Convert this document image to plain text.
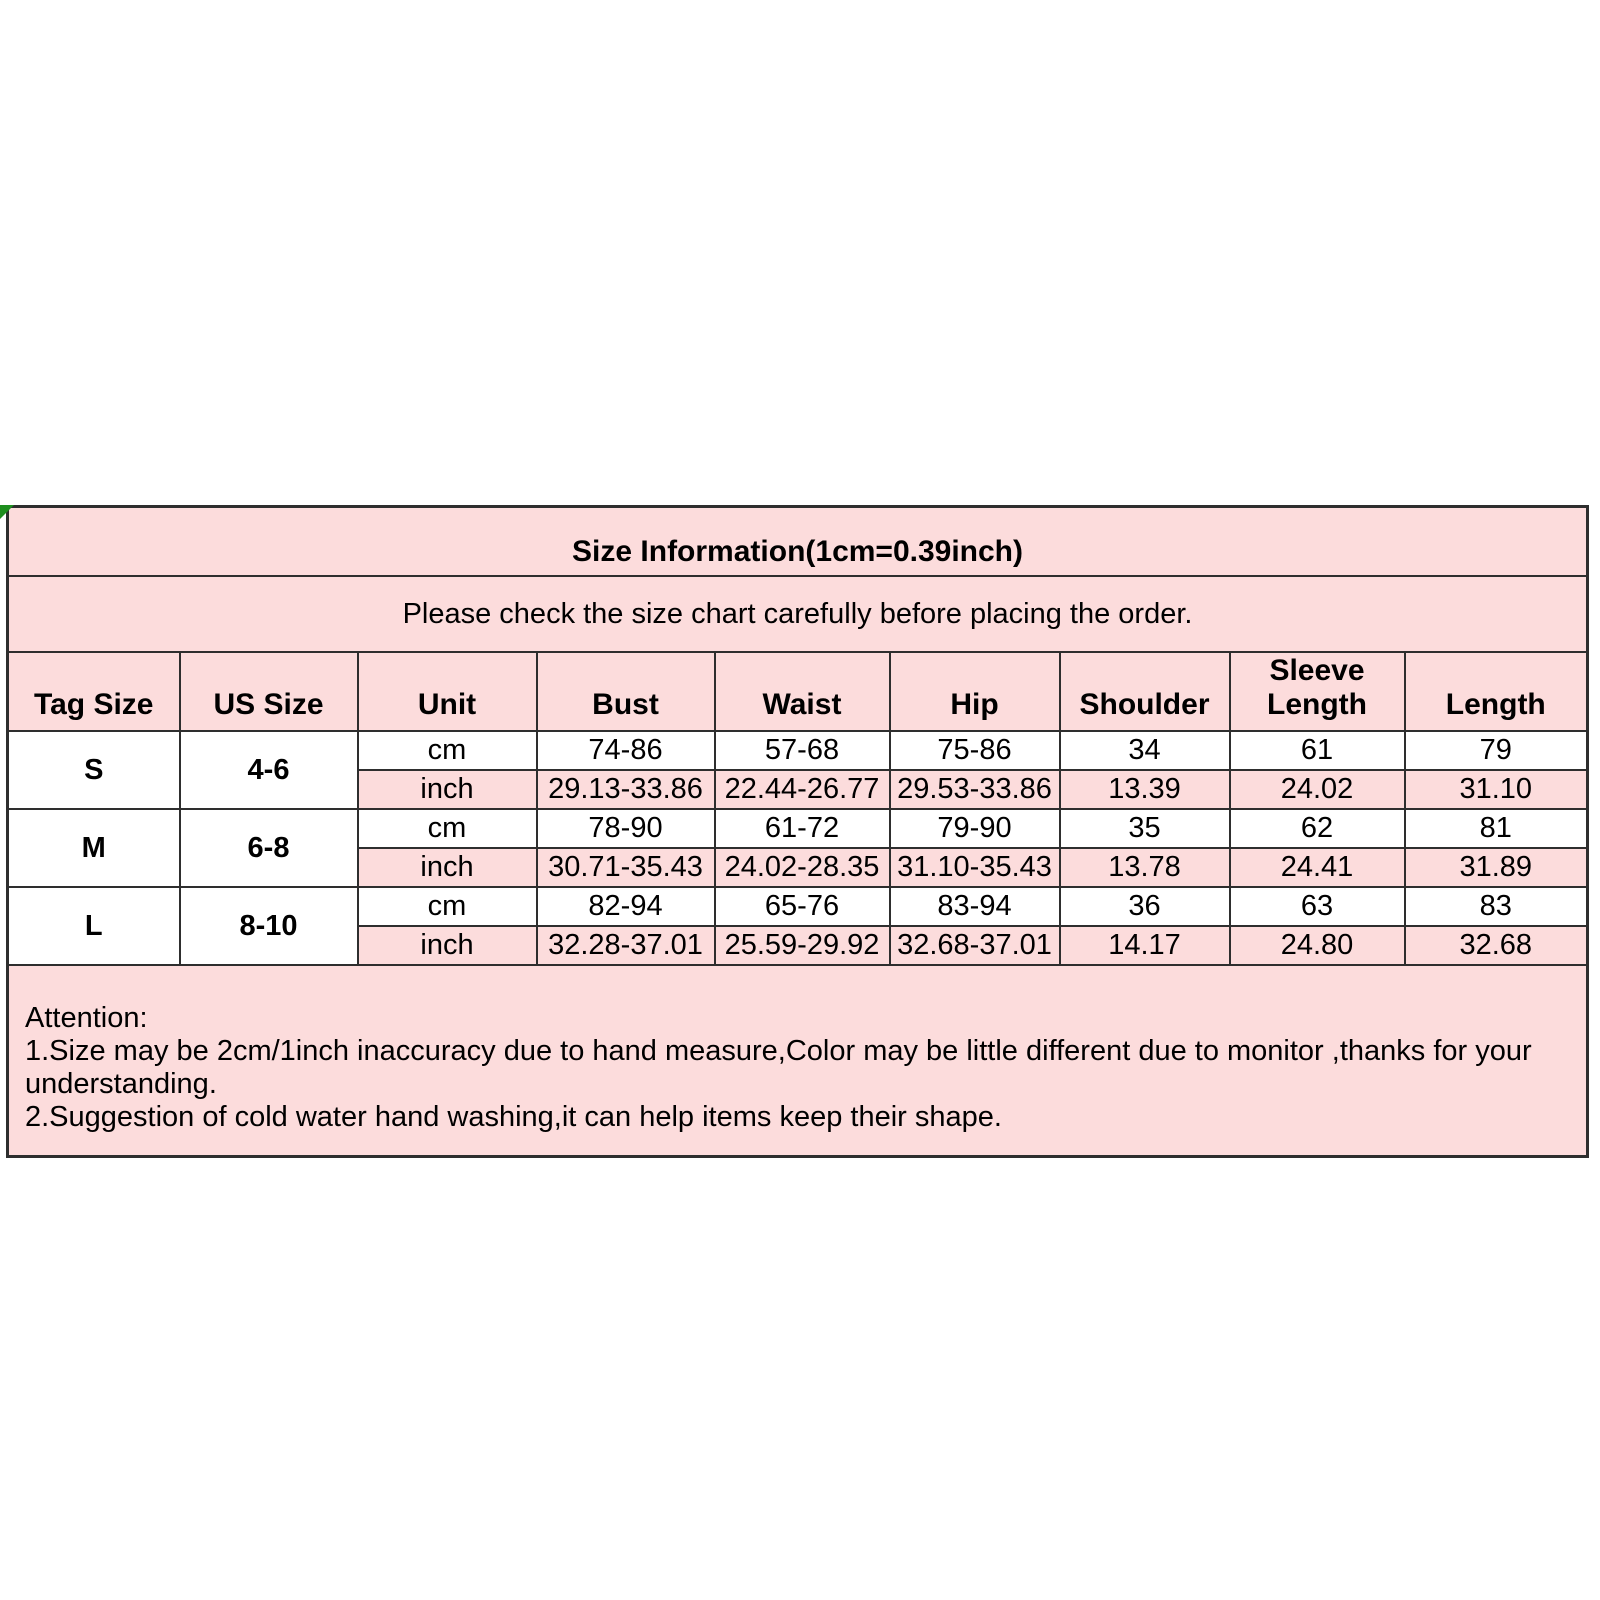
Size Information(1cm=0.39inch)								
Please check the size chart carefully before placing the order.								
Tag Size	US Size	Unit	Bust	Waist	Hip	Shoulder	Sleeve Length	Length
S	4-6	cm	74-86	57-68	75-86	34	61	79
		inch	29.13-33.86	22.44-26.77	29.53-33.86	13.39	24.02	31.10
M	6-8	cm	78-90	61-72	79-90	35	62	81
		inch	30.71-35.43	24.02-28.35	31.10-35.43	13.78	24.41	31.89
L	8-10	cm	82-94	65-76	83-94	36	63	83
		inch	32.28-37.01	25.59-29.92	32.68-37.01	14.17	24.80	32.68

Attention:
1.Size may be 2cm/1inch inaccuracy due to hand measure,Color may be little different due to monitor ,thanks for your understanding.
2.Suggestion of cold water hand washing,it can help items keep their shape.								
